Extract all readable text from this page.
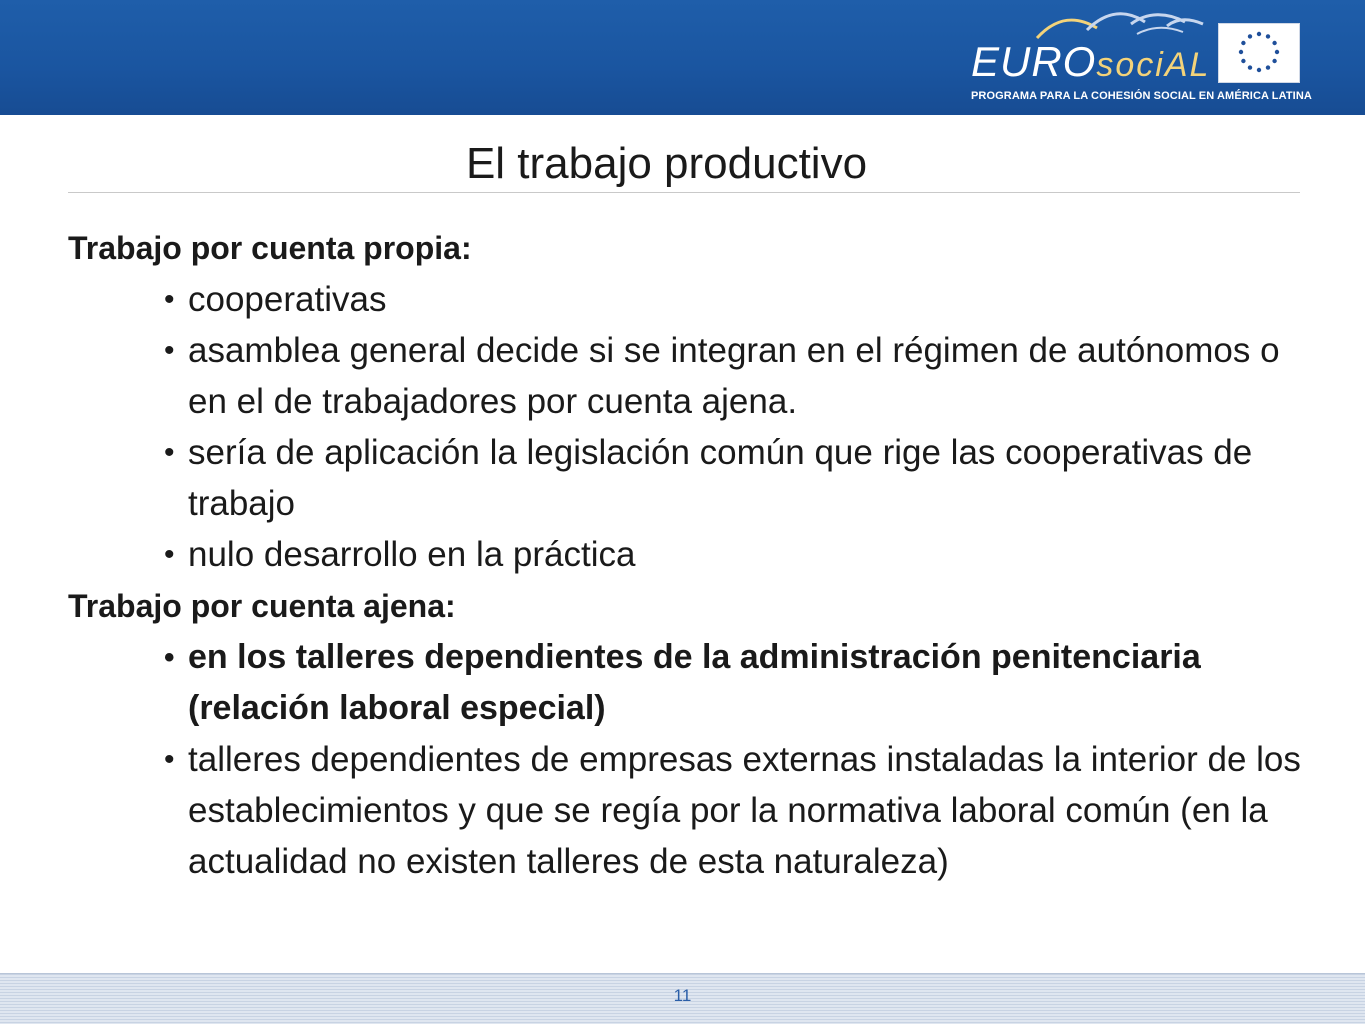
EUROsociAL
PROGRAMA PARA LA COHESIÓN SOCIAL EN AMÉRICA LATINA
El trabajo productivo
Trabajo por cuenta propia:
• cooperativas
• asamblea general decide si se integran en el régimen de autónomos o en el de trabajadores por cuenta ajena.
• sería de aplicación la legislación común que rige las cooperativas de trabajo
• nulo desarrollo en la práctica
Trabajo por cuenta ajena:
• en los talleres dependientes de la administración penitenciaria (relación laboral especial)
• talleres dependientes de empresas externas instaladas la interior de los establecimientos y que se regía por la normativa laboral común (en la actualidad no existen talleres de esta naturaleza)
11
